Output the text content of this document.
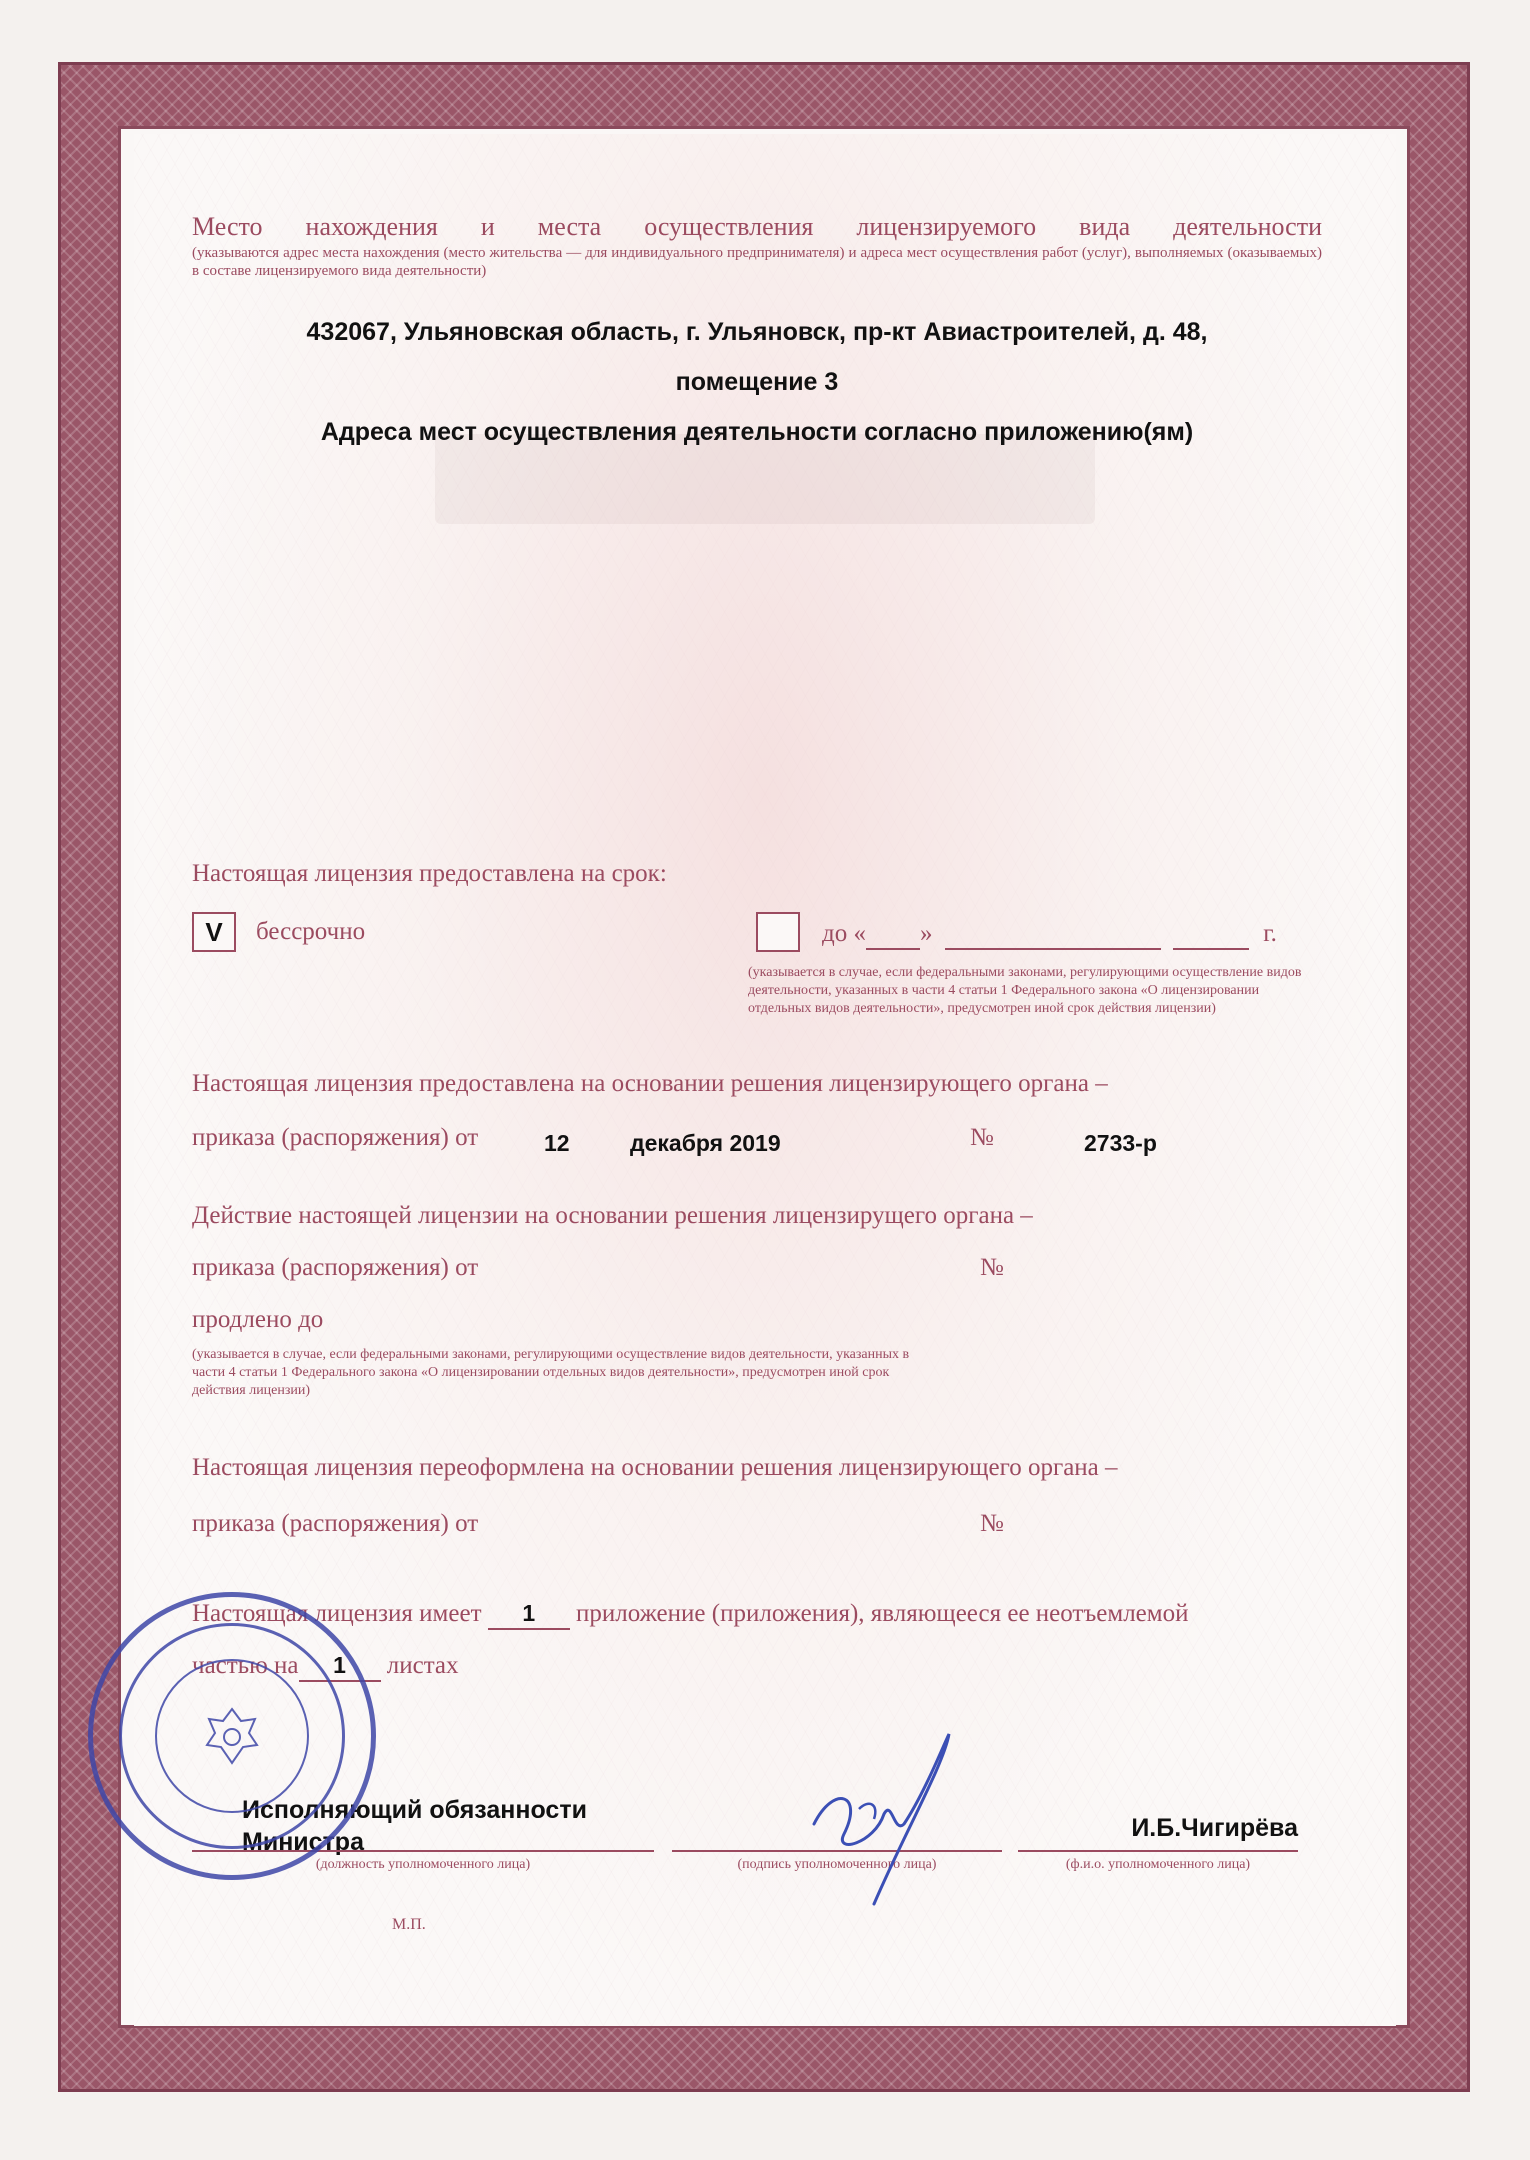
Место нахождения и места осуществления лицензируемого вида деятельности
(указываются адрес места нахождения (место жительства — для индивидуального предпринимателя) и адреса мест осуществления работ (услуг), выполняемых (оказываемых) в составе лицензируемого вида деятельности)
432067, Ульяновская область, г. Ульяновск, пр-кт Авиастроителей, д. 48,
помещение 3
Адреса мест осуществления деятельности согласно приложению(ям)
Настоящая лицензия предоставлена на срок:
V бессрочно	до « »	г.
(указывается в случае, если федеральными законами, регулирующими осуществление видов деятельности, указанных в части 4 статьи 1 Федерального закона «О лицензировании отдельных видов деятельности», предусмотрен иной срок действия лицензии)
Настоящая лицензия предоставлена на основании решения лицензирующего органа –
приказа (распоряжения) от	12	декабря 2019	№	2733-р
Действие настоящей лицензии на основании решения лицензирущего органа –
приказа (распоряжения) от	№
продлено до
(указывается в случае, если федеральными законами, регулирующими осуществление видов деятельности, указанных в части 4 статьи 1 Федерального закона «О лицензировании отдельных видов деятельности», предусмотрен иной срок действия лицензии)
Настоящая лицензия переоформлена на основании решения лицензирующего органа –
приказа (распоряжения) от	№
Настоящая лицензия имеет 1 приложение (приложения), являющееся ее неотъемлемой
частью на 1 листах
Исполняющий обязанности
Министра
(должность уполномоченного лица)	(подпись уполномоченного лица)
И.Б.Чигирёва
(ф.и.о. уполномоченного лица)
М.П.
